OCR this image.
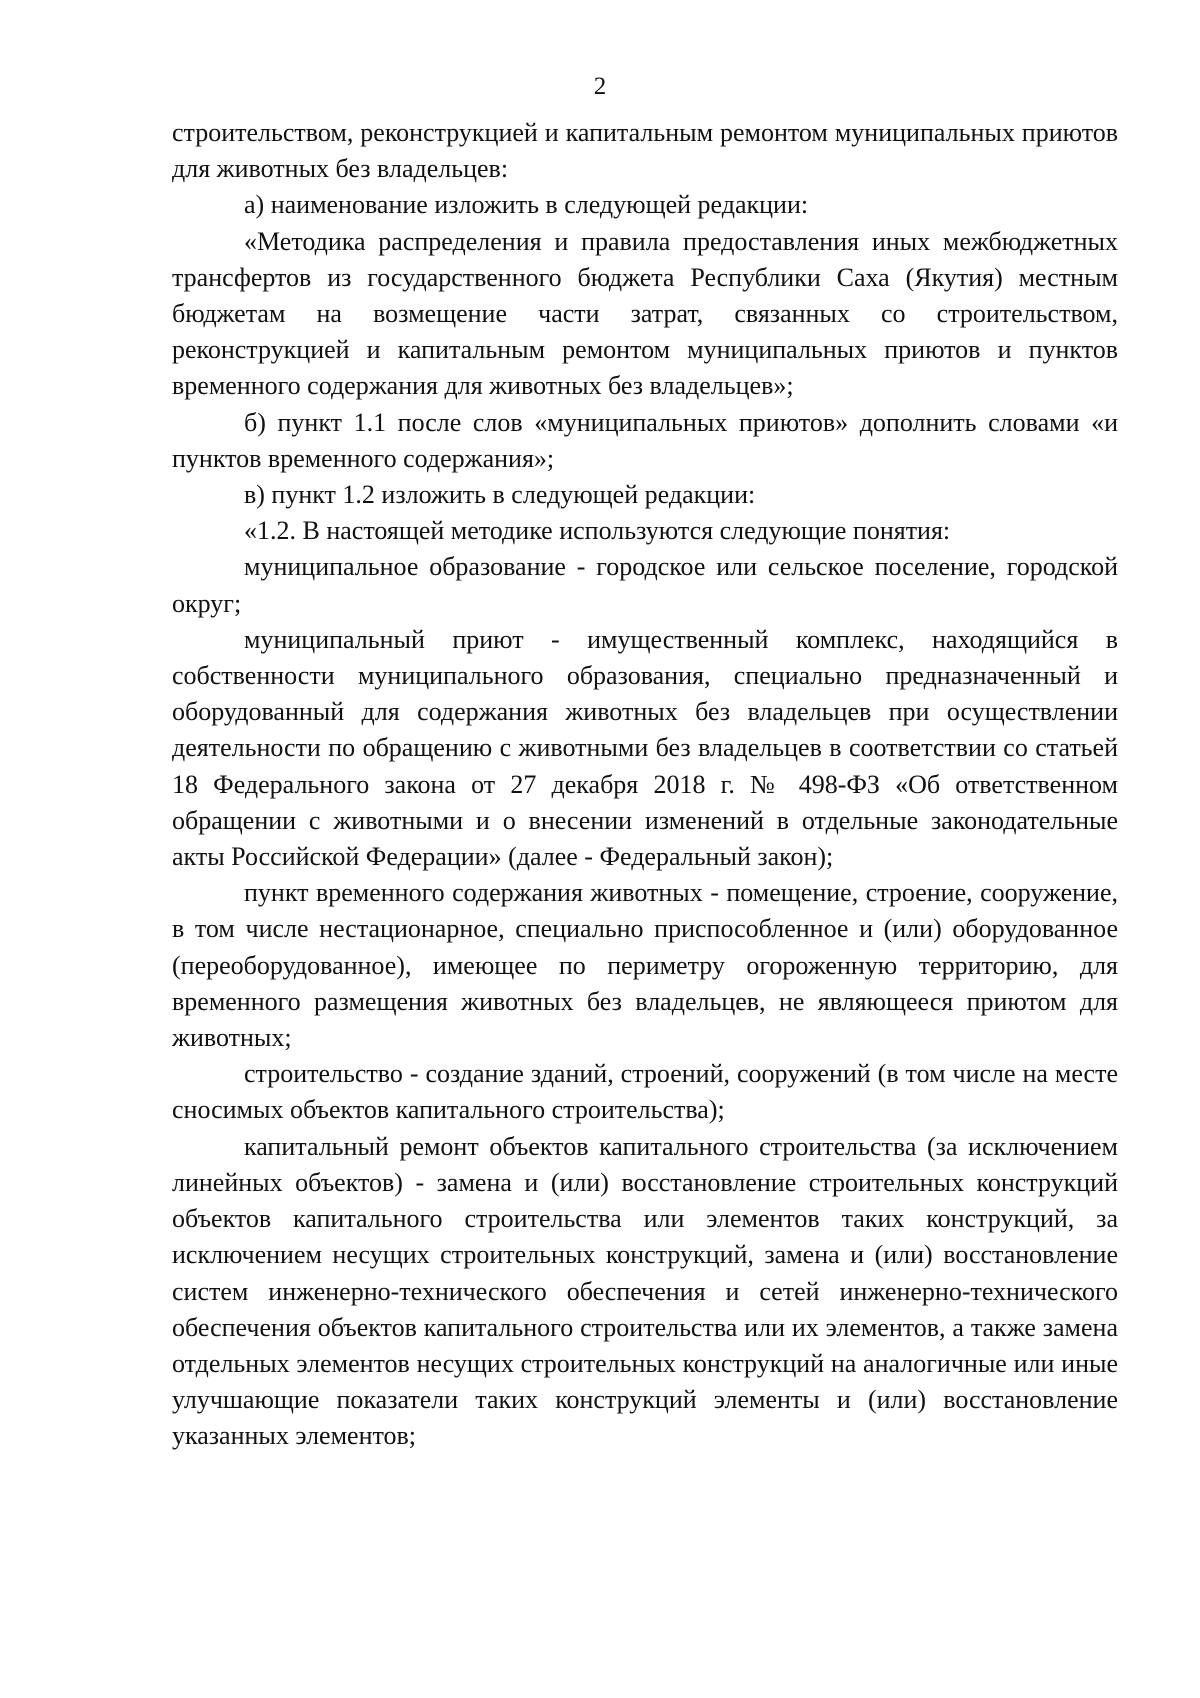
2

строительством, реконструкцией и капитальным ремонтом муниципальных приютов для животных без владельцев:

а) наименование изложить в следующей редакции:

«Методика распределения и правила предоставления иных межбюджетных трансфертов из государственного бюджета Республики Саха (Якутия) местным бюджетам на возмещение части затрат, связанных со строительством, реконструкцией и капитальным ремонтом муниципальных приютов и пунктов временного содержания для животных без владельцев»;

б) пункт 1.1 после слов «муниципальных приютов» дополнить словами «и пунктов временного содержания»;

в) пункт 1.2 изложить в следующей редакции:

«1.2. В настоящей методике используются следующие понятия:

муниципальное образование - городское или сельское поселение, городской округ;

муниципальный приют - имущественный комплекс, находящийся в собственности муниципального образования, специально предназначенный и оборудованный для содержания животных без владельцев при осуществлении деятельности по обращению с животными без владельцев в соответствии со статьей 18 Федерального закона от 27 декабря 2018 г. № 498-ФЗ «Об ответственном обращении с животными и о внесении изменений в отдельные законодательные акты Российской Федерации» (далее - Федеральный закон);

пункт временного содержания животных - помещение, строение, сооружение, в том числе нестационарное, специально приспособленное и (или) оборудованное (переоборудованное), имеющее по периметру огороженную территорию, для временного размещения животных без владельцев, не являющееся приютом для животных;

строительство - создание зданий, строений, сооружений (в том числе на месте сносимых объектов капитального строительства);

капитальный ремонт объектов капитального строительства (за исключением линейных объектов) - замена и (или) восстановление строительных конструкций объектов капитального строительства или элементов таких конструкций, за исключением несущих строительных конструкций, замена и (или) восстановление систем инженерно-технического обеспечения и сетей инженерно-технического обеспечения объектов капитального строительства или их элементов, а также замена отдельных элементов несущих строительных конструкций на аналогичные или иные улучшающие показатели таких конструкций элементы и (или) восстановление указанных элементов;
